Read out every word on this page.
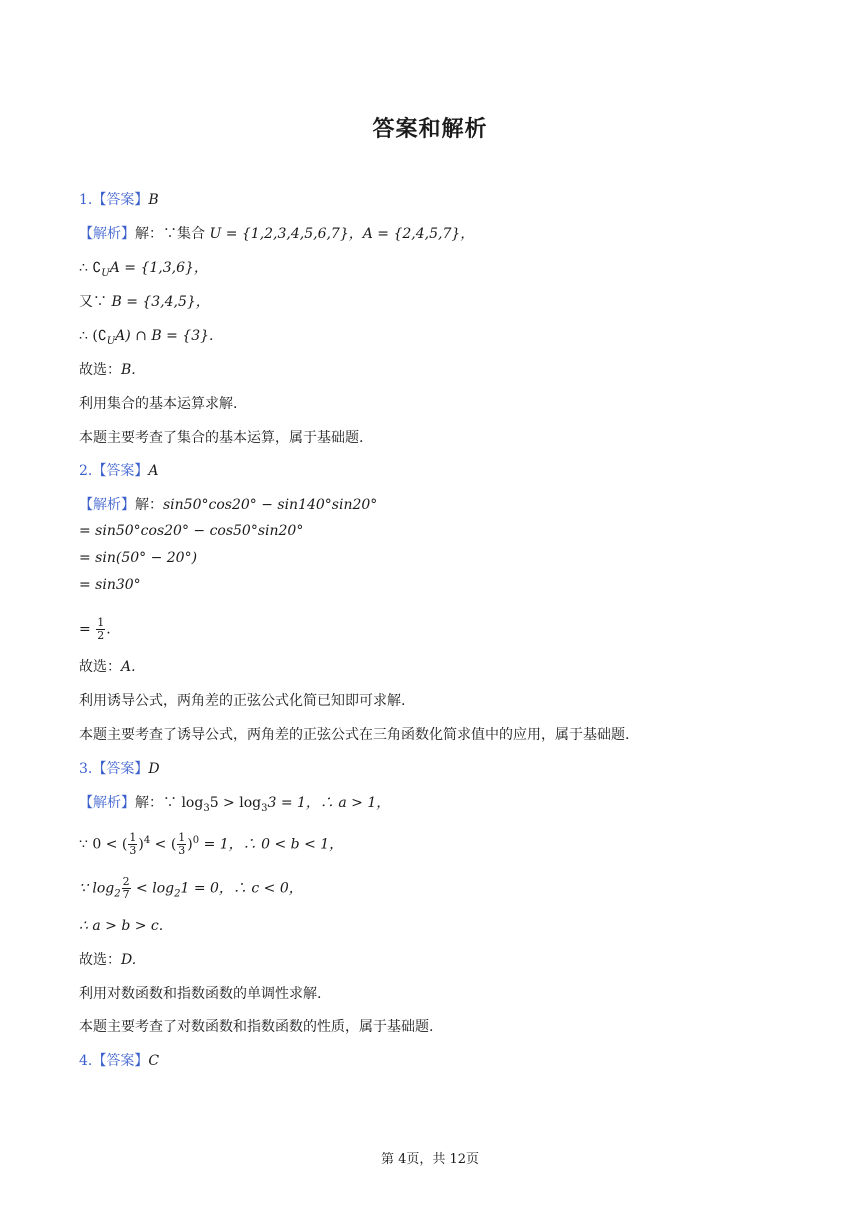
答案和解析
1.【答案】B
【解析】解：∵集合 U = {1,2,3,4,5,6,7}，A = {2,4,5,7}，
∴ $∁_UA = \{1,3,6\}$，
又∵ B = {3,4,5}，
∴ $(∁_UA)$ ∩ B = {3}.
故选：B.
利用集合的基本运算求解.
本题主要考查了集合的基本运算，属于基础题.
2.【答案】A
【解析】解：sin50°cos20° − sin140°sin20°
= sin50°cos20° − cos50°sin20°
= sin(50° − 20°)
= sin30°
= $\frac{1}{2}$ .
故选：A.
利用诱导公式，两角差的正弦公式化简已知即可求解.
本题主要考查了诱导公式，两角差的正弦公式在三角函数化简求值中的应用，属于基础题.
3.【答案】D
【解析】解：∵ $\log_35 > \log_33 = 1$，∴ a > 1，
∵ 0 < ( $\frac{1}{3} )^4$ < ( $\frac{1}{3} )^0 = 1$，∴ 0 < b < 1，
∵ $\log_2 \frac{2}{7} < \log_21 = 0$，∴ c < 0，
∴ a > b > c.
故选：D.
利用对数函数和指数函数的单调性求解.
本题主要考查了对数函数和指数函数的性质，属于基础题.
4.【答案】C
第 4页，共 12页
